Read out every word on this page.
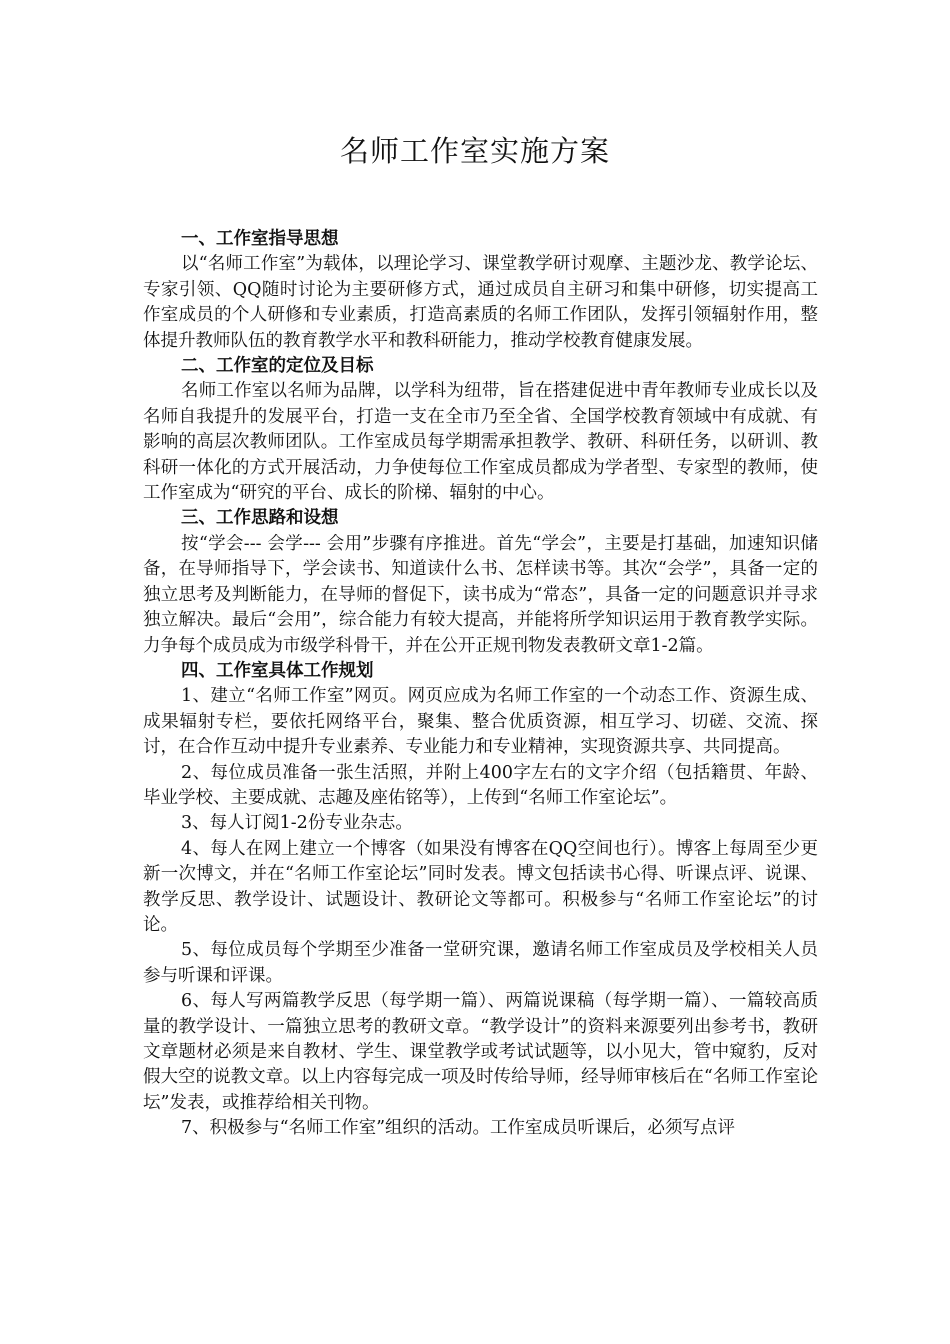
名师工作室实施方案

一、工作室指导思想

以“名师工作室”为载体，以理论学习、课堂教学研讨观摩、主题沙龙、教学论坛、专家引领、QQ随时讨论为主要研修方式，通过成员自主研习和集中研修，切实提高工作室成员的个人研修和专业素质，打造高素质的名师工作团队，发挥引领辐射作用，整体提升教师队伍的教育教学水平和教科研能力，推动学校教育健康发展。

二、工作室的定位及目标

名师工作室以名师为品牌，以学科为纽带，旨在搭建促进中青年教师专业成长以及名师自我提升的发展平台，打造一支在全市乃至全省、全国学校教育领域中有成就、有影响的高层次教师团队。工作室成员每学期需承担教学、教研、科研任务，以研训、教科研一体化的方式开展活动，力争使每位工作室成员都成为学者型、专家型的教师，使工作室成为“研究的平台、成长的阶梯、辐射的中心。

三、工作思路和设想

按“学会--- 会学--- 会用”步骤有序推进。首先“学会”，主要是打基础，加速知识储备，在导师指导下，学会读书、知道读什么书、怎样读书等。其次“会学”，具备一定的独立思考及判断能力，在导师的督促下，读书成为“常态”，具备一定的问题意识并寻求独立解决。最后“会用”，综合能力有较大提高，并能将所学知识运用于教育教学实际。力争每个成员成为市级学科骨干，并在公开正规刊物发表教研文章1-2篇。

四、工作室具体工作规划

1、建立“名师工作室”网页。网页应成为名师工作室的一个动态工作、资源生成、成果辐射专栏，要依托网络平台，聚集、整合优质资源，相互学习、切磋、交流、探讨，在合作互动中提升专业素养、专业能力和专业精神，实现资源共享、共同提高。

2、每位成员准备一张生活照，并附上400字左右的文字介绍（包括籍贯、年龄、毕业学校、主要成就、志趣及座佑铭等），上传到“名师工作室论坛”。

3、每人订阅1-2份专业杂志。

4、每人在网上建立一个博客（如果没有博客在QQ空间也行）。博客上每周至少更新一次博文，并在“名师工作室论坛”同时发表。博文包括读书心得、听课点评、说课、教学反思、教学设计、试题设计、教研论文等都可。积极参与“名师工作室论坛”的讨论。

5、每位成员每个学期至少准备一堂研究课，邀请名师工作室成员及学校相关人员参与听课和评课。

6、每人写两篇教学反思（每学期一篇）、两篇说课稿（每学期一篇）、一篇较高质量的教学设计、一篇独立思考的教研文章。“教学设计”的资料来源要列出参考书，教研文章题材必须是来自教材、学生、课堂教学或考试试题等，以小见大，管中窥豹，反对假大空的说教文章。以上内容每完成一项及时传给导师，经导师审核后在“名师工作室论坛”发表，或推荐给相关刊物。

7、积极参与“名师工作室”组织的活动。工作室成员听课后，必须写点评
